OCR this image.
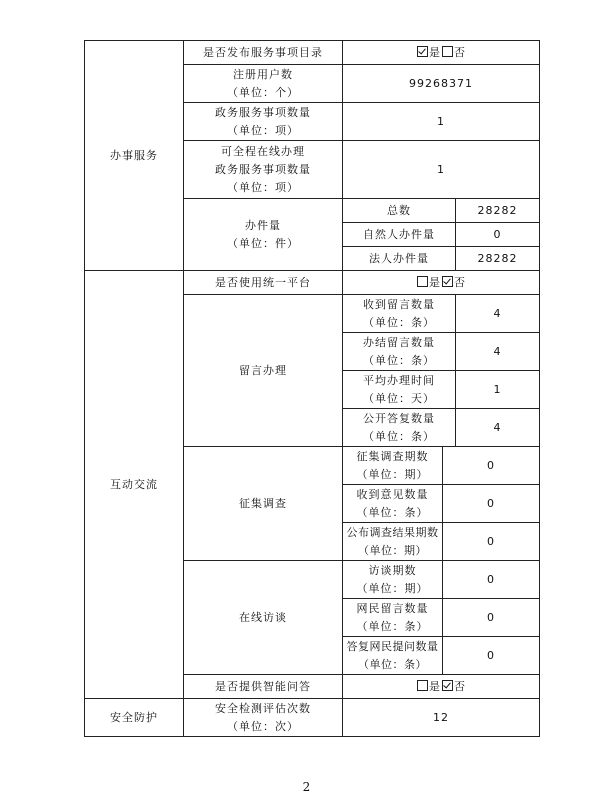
办事服务	是否发布服务事项目录	是 否		

	注册用户数
（单位：个）	99268371		

	政务服务事项数量
（单位：项）	1		

	可全程在线办理
政务服务事项数量
（单位：项）	1		

	办件量
（单位：件）	总数		28282
		自然人办件量		0
		法人办件量		28282
互动交流	是否使用统一平台	是 否		
	留言办理	收到留言数量
（单位：条）		4

		办结留言数量
（单位：条）		4

		平均办理时间
（单位：天）		1

		公开答复数量
（单位：条）		4
	征集调查	征集调查期数
（单位：期）	0	

		收到意见数量
（单位：条）	0	

		公布调查结果期数
（单位：期）	0	
	在线访谈	访谈期数
（单位：期）	0	

		网民留言数量
（单位：条）	0	

		答复网民提问数量
（单位：条）	0	
	是否提供智能问答	是 否		
安全防护	安全检测评估次数
（单位：次）	12		
2
